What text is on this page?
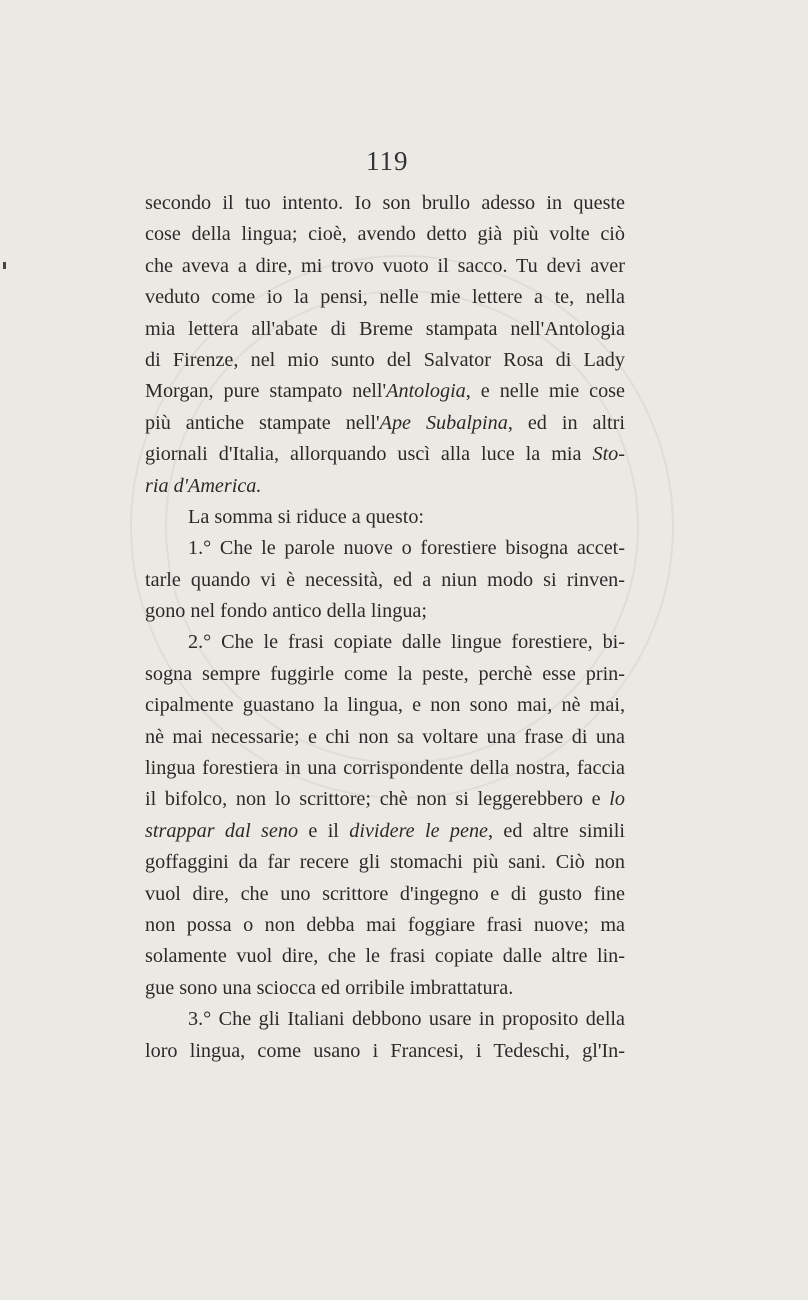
119
secondo il tuo intento. Io son brullo adesso in queste
cose della lingua; cioè, avendo detto già più volte ciò
che aveva a dire, mi trovo vuoto il sacco. Tu devi aver
veduto come io la pensi, nelle mie lettere a te, nella
mia lettera all'abate di Breme stampata nell'Antologia
di Firenze, nel mio sunto del Salvator Rosa di Lady
Morgan, pure stampato nell'Antologia, e nelle mie cose
più antiche stampate nell'Ape Subalpina, ed in altri
giornali d'Italia, allorquando uscì alla luce la mia Sto-
ria d'America.
La somma si riduce a questo:
1.° Che le parole nuove o forestiere bisogna accet-
tarle quando vi è necessità, ed a niun modo si rinven-
gono nel fondo antico della lingua;
2.° Che le frasi copiate dalle lingue forestiere, bi-
sogna sempre fuggirle come la peste, perchè esse prin-
cipalmente guastano la lingua, e non sono mai, nè mai,
nè mai necessarie; e chi non sa voltare una frase di una
lingua forestiera in una corrispondente della nostra, faccia
il bifolco, non lo scrittore; chè non si leggerebbero e lo
strappar dal seno e il dividere le pene, ed altre simili
goffaggini da far recere gli stomachi più sani. Ciò non
vuol dire, che uno scrittore d'ingegno e di gusto fine
non possa o non debba mai foggiare frasi nuove; ma
solamente vuol dire, che le frasi copiate dalle altre lin-
gue sono una sciocca ed orribile imbrattatura.
3.° Che gli Italiani debbono usare in proposito della
loro lingua, come usano i Francesi, i Tedeschi, gl'In-
